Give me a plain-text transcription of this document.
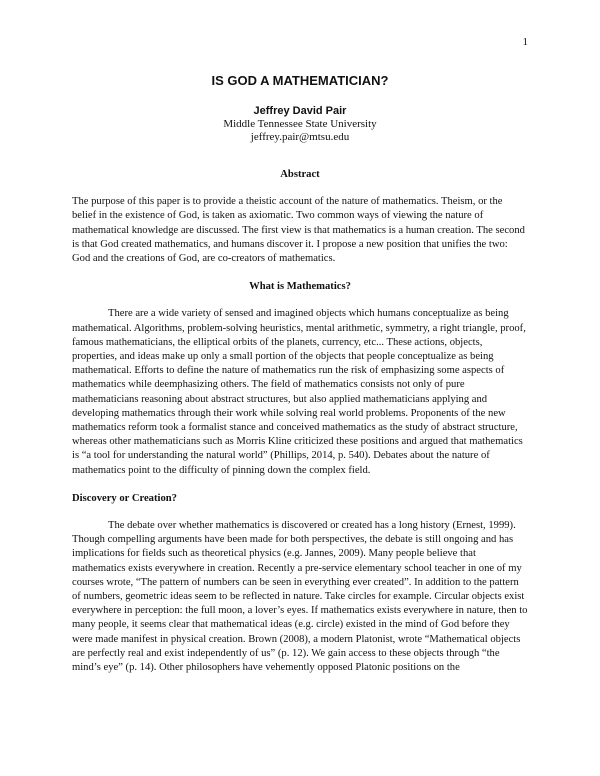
1
IS GOD A MATHEMATICIAN?
Jeffrey David Pair
Middle Tennessee State University
jeffrey.pair@mtsu.edu
Abstract

The purpose of this paper is to provide a theistic account of the nature of mathematics. Theism, or the belief in the existence of God, is taken as axiomatic. Two common ways of viewing the nature of mathematical knowledge are discussed. The first view is that mathematics is a human creation. The second is that God created mathematics, and humans discover it. I propose a new position that unifies the two: God and the creations of God, are co-creators of mathematics.

What is Mathematics?

There are a wide variety of sensed and imagined objects which humans conceptualize as being mathematical. Algorithms, problem-solving heuristics, mental arithmetic, symmetry, a right triangle, proof, famous mathematicians, the elliptical orbits of the planets, currency, etc... These actions, objects, properties, and ideas make up only a small portion of the objects that people conceptualize as being mathematical. Efforts to define the nature of mathematics run the risk of emphasizing some aspects of mathematics while deemphasizing others. The field of mathematics consists not only of pure mathematicians reasoning about abstract structures, but also applied mathematicians applying and developing mathematics through their work while solving real world problems. Proponents of the new mathematics reform took a formalist stance and conceived mathematics as the study of abstract structure, whereas other mathematicians such as Morris Kline criticized these positions and argued that mathematics is “a tool for understanding the natural world” (Phillips, 2014, p. 540). Debates about the nature of mathematics point to the difficulty of pinning down the complex field.

Discovery or Creation?

The debate over whether mathematics is discovered or created has a long history (Ernest, 1999). Though compelling arguments have been made for both perspectives, the debate is still ongoing and has implications for fields such as theoretical physics (e.g. Jannes, 2009). Many people believe that mathematics exists everywhere in creation. Recently a pre-service elementary school teacher in one of my courses wrote, “The pattern of numbers can be seen in everything ever created”. In addition to the pattern of numbers, geometric ideas seem to be reflected in nature. Take circles for example. Circular objects exist everywhere in perception: the full moon, a lover’s eyes. If mathematics exists everywhere in nature, then to many people, it seems clear that mathematical ideas (e.g. circle) existed in the mind of God before they were made manifest in physical creation. Brown (2008), a modern Platonist, wrote “Mathematical objects are perfectly real and exist independently of us” (p. 12). We gain access to these objects through “the mind’s eye” (p. 14). Other philosophers have vehemently opposed Platonic positions on the
